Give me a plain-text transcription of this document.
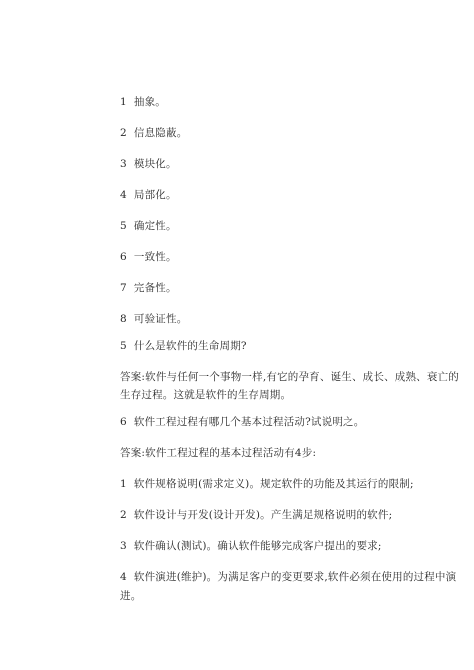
1 抽象。
2 信息隐蔽。
3 模块化。
4 局部化。
5 确定性。
6 一致性。
7 完备性。
8 可验证性。
5 什么是软件的生命周期?
答案:软件与任何一个事物一样,有它的孕育、诞生、成长、成熟、衰亡的
生存过程。这就是软件的生存周期。
6 软件工程过程有哪几个基本过程活动?试说明之。
答案:软件工程过程的基本过程活动有4步:
1 软件规格说明(需求定义)。规定软件的功能及其运行的限制;
2 软件设计与开发(设计开发)。产生满足规格说明的软件;
3 软件确认(测试)。确认软件能够完成客户提出的要求;
4 软件演进(维护)。为满足客户的变更要求,软件必须在使用的过程中演
进。
